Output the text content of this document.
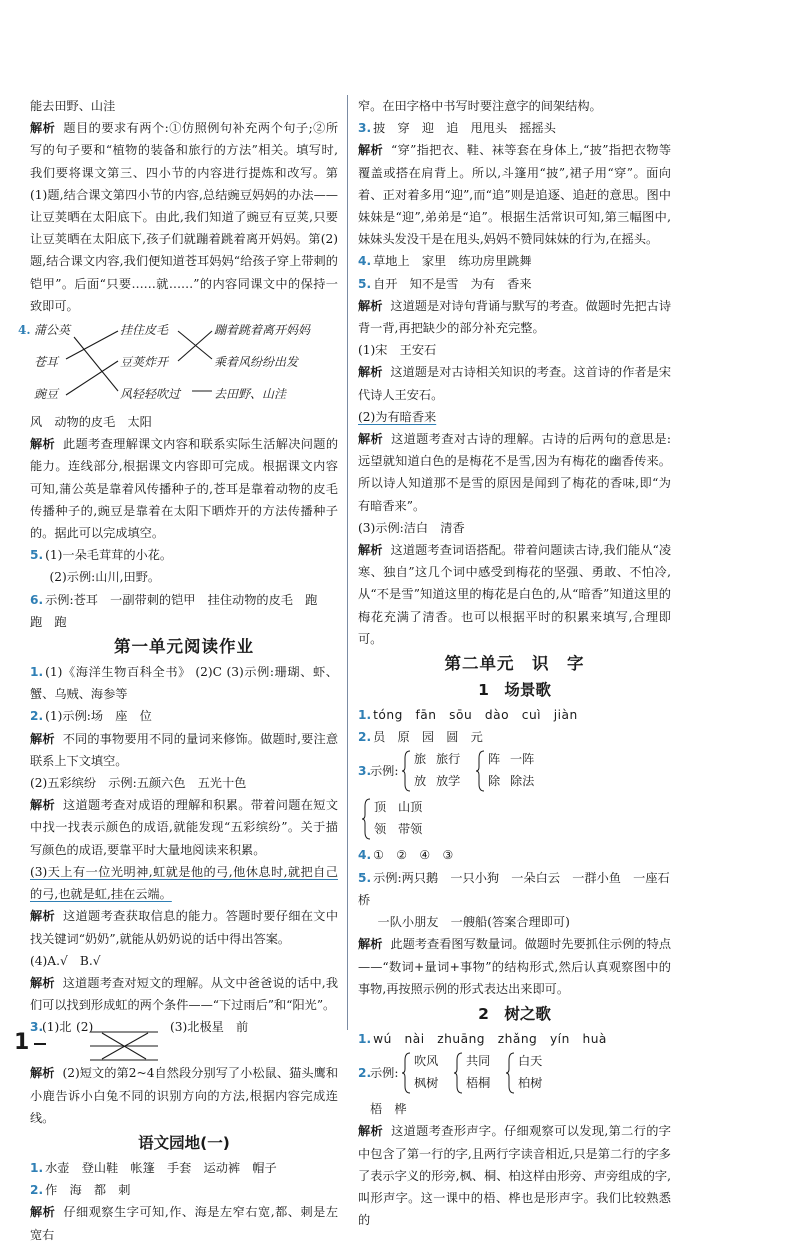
能去田野、山洼

解析 题目的要求有两个:①仿照例句补充两个句子;②所写的句子要和“植物的装备和旅行的方法”相关。填写时,我们要将课文第三、四小节的内容进行提炼和改写。第(1)题,结合课文第四小节的内容,总结豌豆妈妈的办法——让豆荚晒在太阳底下。由此,我们知道了豌豆有豆荚,只要让豆荚晒在太阳底下,孩子们就蹦着跳着离开妈妈。第(2)题,结合课文内容,我们便知道苍耳妈妈“给孩子穿上带刺的铠甲”。后面“只要……就……”的内容同课文中的保持一致即可。

4. 蒲公英
苍耳
豌豆
挂住皮毛
豆荚炸开
风轻轻吹过
蹦着跳着离开妈妈
乘着风纷纷出发
去田野、山洼

风　动物的皮毛　太阳

解析 此题考查理解课文内容和联系实际生活解决问题的能力。连线部分,根据课文内容即可完成。根据课文内容可知,蒲公英是靠着风传播种子的,苍耳是靠着动物的皮毛传播种子的,豌豆是靠着在太阳下晒炸开的方法传播种子的。据此可以完成填空。

5. (1)一朵毛茸茸的小花。

(2)示例:山川,田野。

6. 示例:苍耳　一副带刺的铠甲　挂住动物的皮毛　跑　跑　跑

第一单元阅读作业

1. (1)《海洋生物百科全书》 (2)C (3)示例:珊瑚、虾、蟹、乌贼、海参等

2. (1)示例:场　座　位

解析 不同的事物要用不同的量词来修饰。做题时,要注意联系上下文填空。

(2)五彩缤纷　示例:五颜六色　五光十色

解析 这道题考查对成语的理解和积累。带着问题在短文中找一找表示颜色的成语,就能发现“五彩缤纷”。关于描写颜色的成语,要靠平时大量地阅读来积累。

(3)天上有一位光明神,虹就是他的弓,他休息时,就把自己的弓,也就是虹,挂在云端。

解析 这道题考查获取信息的能力。答题时要仔细在文中找关键词“奶奶”,就能从奶奶说的话中得出答案。

(4)A.√　B.√

解析 这道题考查对短文的理解。从文中爸爸说的话中,我们可以找到形成虹的两个条件——“下过雨后”和“阳光”。

3.
(1)北 (2)	(3)北极星　前

解析 (2)短文的第2~4自然段分别写了小松鼠、猫头鹰和小鹿告诉小白兔不同的识别方向的方法,根据内容完成连线。

语文园地(一)

1. 水壶　登山鞋　帐篷　手套　运动裤　帽子

2. 作　海　都　刺

解析 仔细观察生字可知,作、海是左窄右宽,都、刺是左宽右

窄。在田字格中书写时要注意字的间架结构。

3. 披　穿　迎　追　甩甩头　摇摇头

解析 “穿”指把衣、鞋、袜等套在身体上,“披”指把衣物等覆盖或搭在肩背上。所以,斗篷用“披”,裙子用“穿”。面向着、正对着多用“迎”,而“追”则是追逐、追赶的意思。图中妹妹是“迎”,弟弟是“追”。根据生活常识可知,第三幅图中,妹妹头发没干是在甩头,妈妈不赞同妹妹的行为,在摇头。

4. 草地上　家里　练功房里跳舞

5. 自开　知不是雪　为有　香来

解析 这道题是对诗句背诵与默写的考查。做题时先把古诗背一背,再把缺少的部分补充完整。

(1)宋　王安石

解析 这道题是对古诗相关知识的考查。这首诗的作者是宋代诗人王安石。

(2)为有暗香来

解析 这道题考查对古诗的理解。古诗的后两句的意思是:远望就知道白色的是梅花不是雪,因为有梅花的幽香传来。所以诗人知道那不是雪的原因是闻到了梅花的香味,即“为有暗香来”。

(3)示例:洁白　清香

解析 这道题考查词语搭配。带着问题读古诗,我们能从“凌寒、独自”这几个词中感受到梅花的坚强、勇敢、不怕冷,从“不是雪”知道这里的梅花是白色的,从“暗香”知道这里的梅花充满了清香。也可以根据平时的积累来填写,合理即可。

第二单元　识　字
1　场景歌

1. tóng　fān　sōu　dào　cuì　jiàn

2. 员　原　园　圆　元

3.
示例:
旅 旅行
放 放学
阵 一阵
除 除法
顶 山顶
领 带领

4. ①　②　④　③

5. 示例:两只鹅　一只小狗　一朵白云　一群小鱼　一座石桥

一队小朋友　一艘船(答案合理即可)

解析 此题考查看图写数量词。做题时先要抓住示例的特点——“数词+量词+事物”的结构形式,然后认真观察图中的事物,再按照示例的形式表达出来即可。

2　树之歌

1. wú　nài　zhuāng　zhǎng　yín　huà

2.
示例:
吹风
枫树
共同
梧桐
白天
柏树

梧　桦

解析 这道题考查形声字。仔细观察可以发现,第二行的字中包含了第一行的字,且两行字读音相近,只是第二行的字多了表示字义的形旁,枫、桐、柏这样由形旁、声旁组成的字,叫形声字。这一课中的梧、桦也是形声字。我们比较熟悉的

1
